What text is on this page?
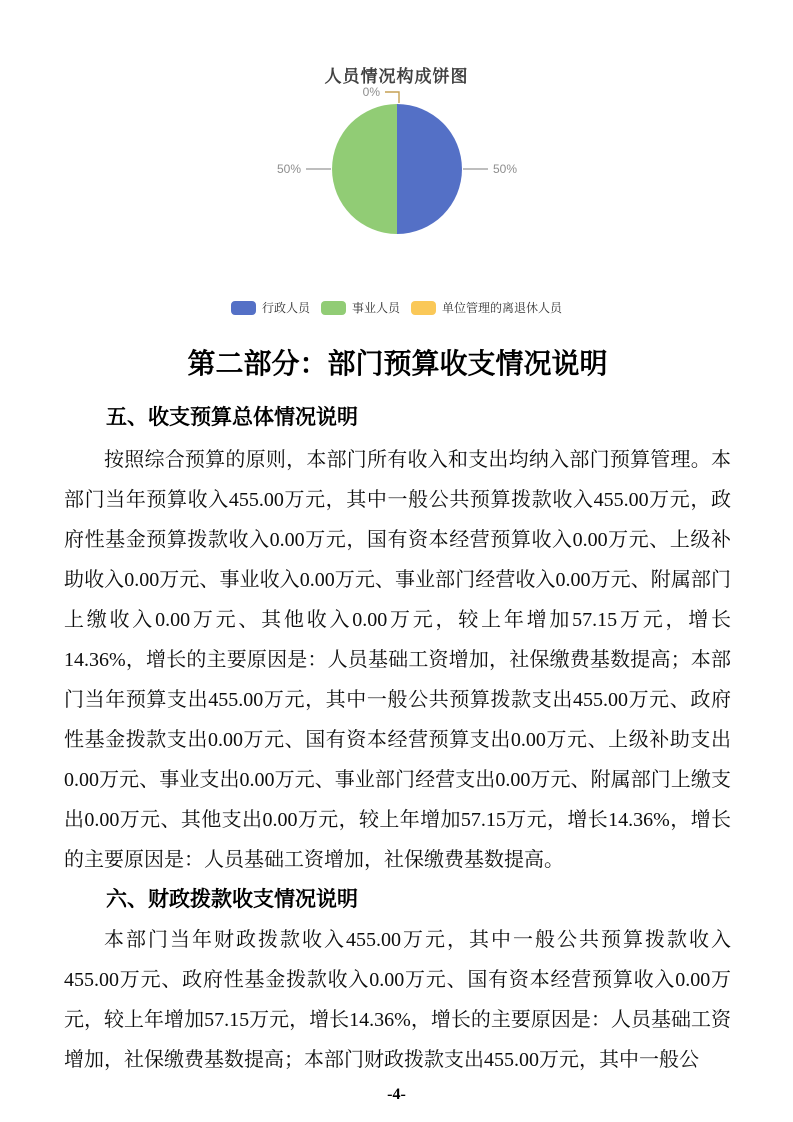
人员情况构成饼图
0%
50%	50%
行政人员	事业人员	单位管理的离退休人员
第二部分：部门预算收支情况说明
五、收支预算总体情况说明

按照综合预算的原则，本部门所有收入和支出均纳入部门预算管理。本部门当年预算收入455.00万元，其中一般公共预算拨款收入455.00万元，政府性基金预算拨款收入0.00万元，国有资本经营预算收入0.00万元、上级补助收入0.00万元、事业收入0.00万元、事业部门经营收入0.00万元、附属部门上缴收入0.00万元、其他收入0.00万元，较上年增加57.15万元，增长14.36%，增长的主要原因是：人员基础工资增加，社保缴费基数提高；本部门当年预算支出455.00万元，其中一般公共预算拨款支出455.00万元、政府性基金拨款支出0.00万元、国有资本经营预算支出0.00万元、上级补助支出0.00万元、事业支出0.00万元、事业部门经营支出0.00万元、附属部门上缴支出0.00万元、其他支出0.00万元，较上年增加57.15万元，增长14.36%，增长的主要原因是：人员基础工资增加，社保缴费基数提高。

六、财政拨款收支情况说明

本部门当年财政拨款收入455.00万元，其中一般公共预算拨款收入455.00万元、政府性基金拨款收入0.00万元、国有资本经营预算收入0.00万元，较上年增加57.15万元，增长14.36%，增长的主要原因是：人员基础工资增加，社保缴费基数提高；本部门财政拨款支出455.00万元，其中一般公

-4-
